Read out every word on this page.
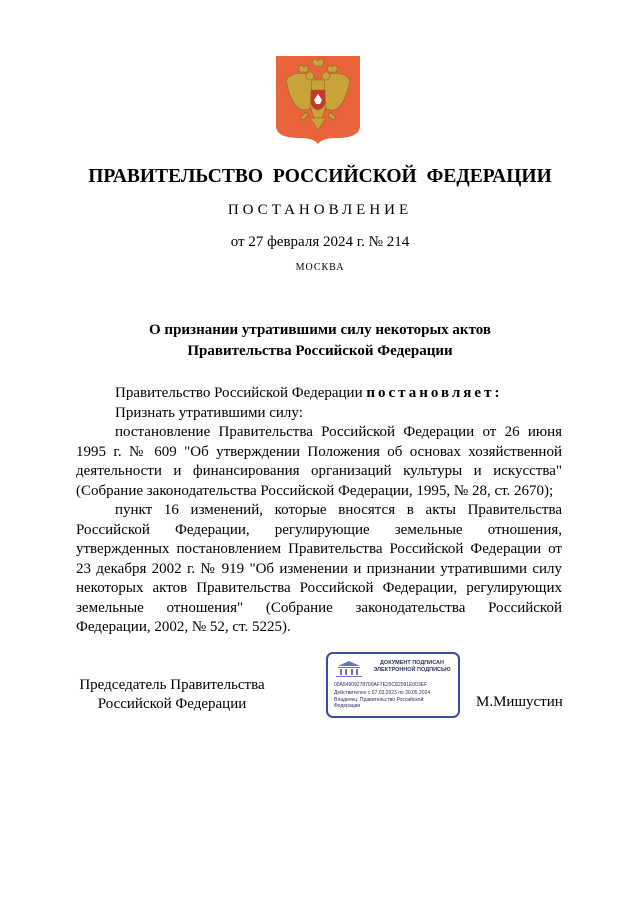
ПРАВИТЕЛЬСТВО РОССИЙСКОЙ ФЕДЕРАЦИИ
ПОСТАНОВЛЕНИЕ
от 27 февраля 2024 г. № 214
МОСКВА
О признании утратившими силу некоторых актов
Правительства Российской Федерации

Правительство Российской Федерации постановляет:

Признать утратившими силу:

постановление Правительства Российской Федерации от 26 июня 1995 г. № 609 "Об утверждении Положения об основах хозяйственной деятельности и финансирования организаций культуры и искусства" (Собрание законодательства Российской Федерации, 1995, № 28, ст. 2670);

пункт 16 изменений, которые вносятся в акты Правительства Российской Федерации, регулирующие земельные отношения, утвержденных постановлением Правительства Российской Федерации от 23 декабря 2002 г. № 919 "Об изменении и признании утратившими силу некоторых актов Правительства Российской Федерации, регулирующих земельные отношения" (Собрание законодательства Российской Федерации, 2002, № 52, ст. 5225).

Председатель Правительства
Российской Федерации
ДОКУМЕНТ ПОДПИСАН
ЭЛЕКТРОННОЙ ПОДПИСЬЮ
00A54909278700AF7E29C82091E003EF
Действителен с 07.03.2023 по 30.05.2024
Владелец: Правительство Российской
Федерации	М.Мишустин
